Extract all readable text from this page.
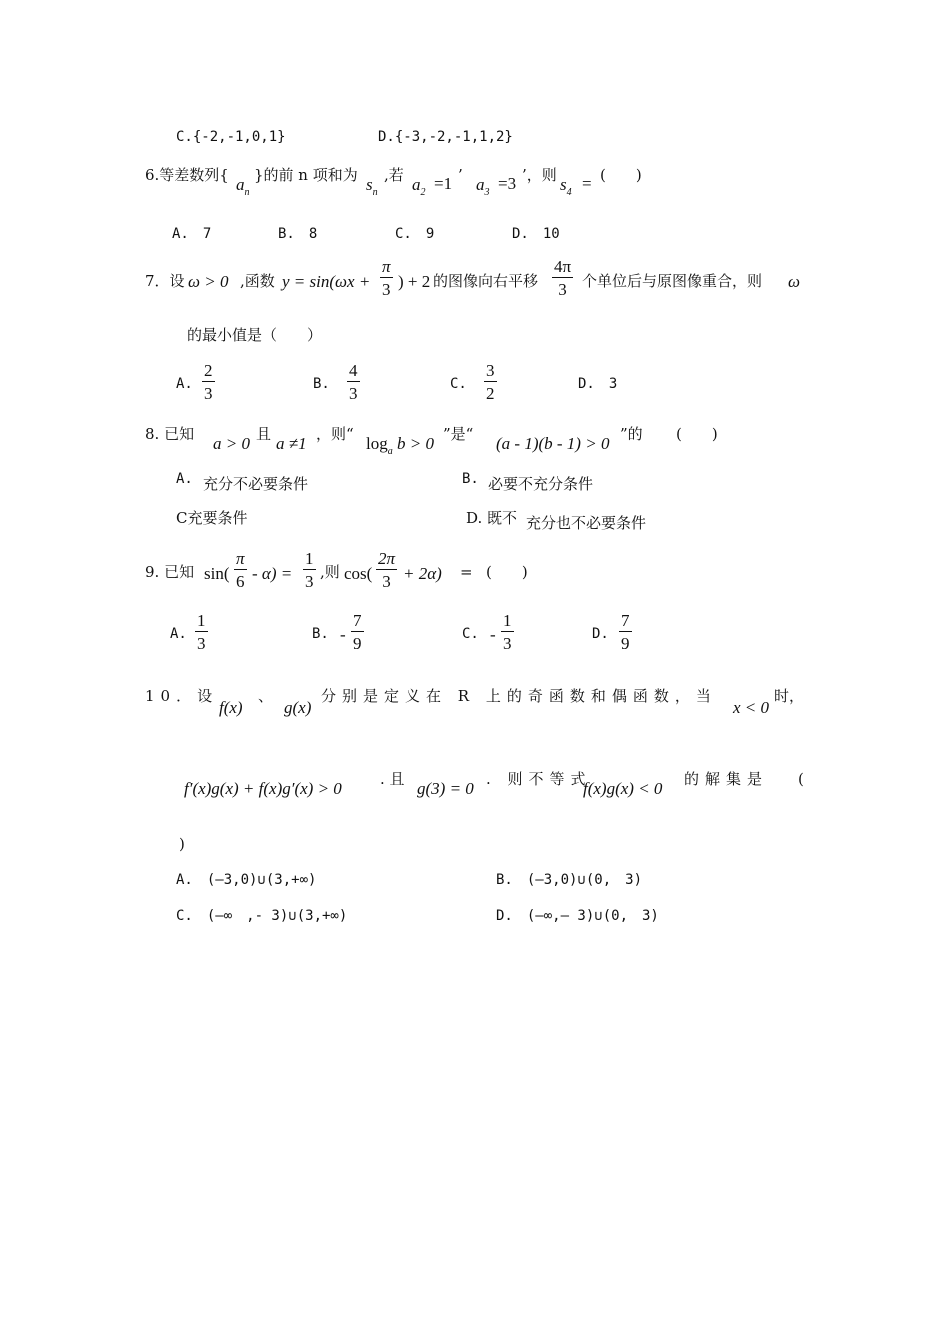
C.{-2,-1,0,1}	D.{-3,-2,-1,1,2}
6.等差数列{ $a_n$
}的前 n 项和为 $s_n$
,若 $a_2 =1$ ’ $a_3 =3$ ’，则 $s_4$ = (　　)
A.　7	B.　8	C.　9	D.　10
7．设 ω > 0 ,函数 $y = \sin(\omega x + \frac{\pi}{3}$ ) + 2 的图像向右平移 $\frac{4\pi}{3}$ 个单位后与原图像重合，则 ω
的最小值是（　　）
A. $\frac{2}{3}$	B. $\frac{4}{3}$	C. $\frac{3}{2}$	D.　3
8. 已知 a > 0 且 a ≠1 ，则“ $\log_a b > 0$ ”是“ (a - 1)(b - 1) > 0 ”的 (　　)
A. 充分不必要条件	B. 必要不充分条件
C充要条件	D. 既不 充分也不必要条件
9. 已知 $\sin( \frac{\pi}{6} - \alpha) = \frac{1}{3}$ ,则 $\cos( \frac{2\pi}{3} + 2\alpha)$ = (　　)
A. $\frac{1}{3}$	B. - $\frac{7}{9}$	C. - $\frac{1}{3}$	D. $\frac{7}{9}$
10．设
f(x)
、
g(x)
分别是定义在 R 上的奇函数和偶函数，当
x < 0
时，
f′(x)g(x) + f(x)g′(x) > 0	. 且 g(3) = 0 . 则不等式
f(x)g(x) < 0 的解集是 (
)
A.　(—3,0)∪(3,+∞)	B.　(—3,0)∪(0,　3)
C.　(—∞　,- 3)∪(3,+∞)	D.　(—∞,— 3)∪(0,　3)
